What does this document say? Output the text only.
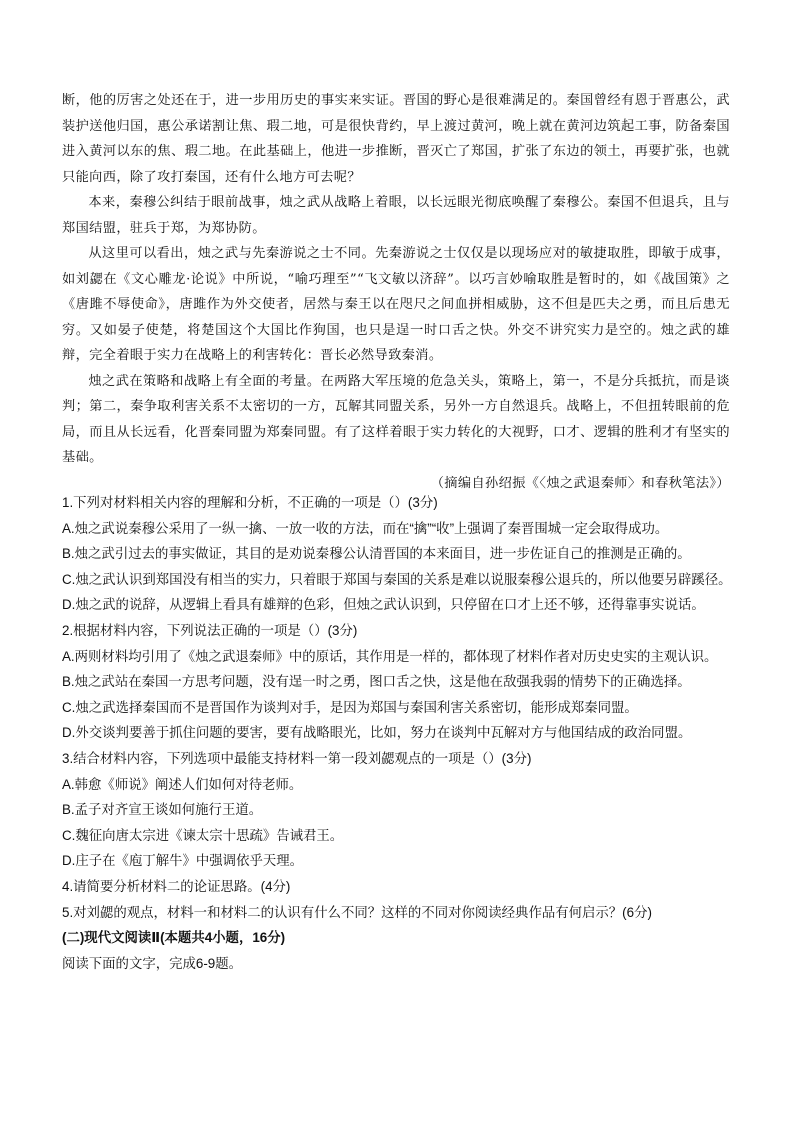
断，他的厉害之处还在于，进一步用历史的事实来实证。晋国的野心是很难满足的。秦国曾经有恩于晋惠公，武装护送他归国，惠公承诺割让焦、瑕二地，可是很快背约，早上渡过黄河，晚上就在黄河边筑起工事，防备秦国进入黄河以东的焦、瑕二地。在此基础上，他进一步推断，晋灭亡了郑国，扩张了东边的领土，再要扩张，也就只能向西，除了攻打秦国，还有什么地方可去呢？

本来，秦穆公纠结于眼前战事，烛之武从战略上着眼，以长远眼光彻底唤醒了秦穆公。秦国不但退兵，且与郑国结盟，驻兵于郑，为郑协防。

从这里可以看出，烛之武与先秦游说之士不同。先秦游说之士仅仅是以现场应对的敏捷取胜，即敏于成事，如刘勰在《文心雕龙·论说》中所说，“喻巧理至”“飞文敏以济辞”。以巧言妙喻取胜是暂时的，如《战国策》之《唐雎不辱使命》，唐雎作为外交使者，居然与秦王以在咫尺之间血拼相威胁，这不但是匹夫之勇，而且后患无穷。又如晏子使楚，将楚国这个大国比作狗国，也只是逞一时口舌之快。外交不讲究实力是空的。烛之武的雄辩，完全着眼于实力在战略上的利害转化：晋长必然导致秦消。

烛之武在策略和战略上有全面的考量。在两路大军压境的危急关头，策略上，第一，不是分兵抵抗，而是谈判；第二，秦争取利害关系不太密切的一方，瓦解其同盟关系，另外一方自然退兵。战略上，不但扭转眼前的危局，而且从长远看，化晋秦同盟为郑秦同盟。有了这样着眼于实力转化的大视野，口才、逻辑的胜利才有坚实的基础。

（摘编自孙绍振《〈烛之武退秦师〉和春秋笔法》）

1.下列对材料相关内容的理解和分析，不正确的一项是（）(3分)
A.烛之武说秦穆公采用了一纵一擒、一放一收的方法，而在“擒”“收”上强调了秦晋围城一定会取得成功。
B.烛之武引过去的事实做证，其目的是劝说秦穆公认清晋国的本来面目，进一步佐证自己的推测是正确的。
C.烛之武认识到郑国没有相当的实力，只着眼于郑国与秦国的关系是难以说服秦穆公退兵的，所以他要另辟蹊径。
D.烛之武的说辞，从逻辑上看具有雄辩的色彩，但烛之武认识到，只停留在口才上还不够，还得靠事实说话。
2.根据材料内容，下列说法正确的一项是（）(3分)
A.两则材料均引用了《烛之武退秦师》中的原话，其作用是一样的，都体现了材料作者对历史史实的主观认识。
B.烛之武站在秦国一方思考问题，没有逞一时之勇，图口舌之快，这是他在敌强我弱的情势下的正确选择。
C.烛之武选择秦国而不是晋国作为谈判对手，是因为郑国与秦国利害关系密切，能形成郑秦同盟。
D.外交谈判要善于抓住问题的要害，要有战略眼光，比如，努力在谈判中瓦解对方与他国结成的政治同盟。
3.结合材料内容，下列选项中最能支持材料一第一段刘勰观点的一项是（）(3分)
A.韩愈《师说》阐述人们如何对待老师。
B.孟子对齐宣王谈如何施行王道。
C.魏征向唐太宗进《谏太宗十思疏》告诫君王。
D.庄子在《庖丁解牛》中强调依乎天理。
4.请简要分析材料二的论证思路。(4分)
5.对刘勰的观点，材料一和材料二的认识有什么不同？这样的不同对你阅读经典作品有何启示？(6分)
(二)现代文阅读Ⅱ(本题共4小题，16分)
阅读下面的文字，完成6-9题。
